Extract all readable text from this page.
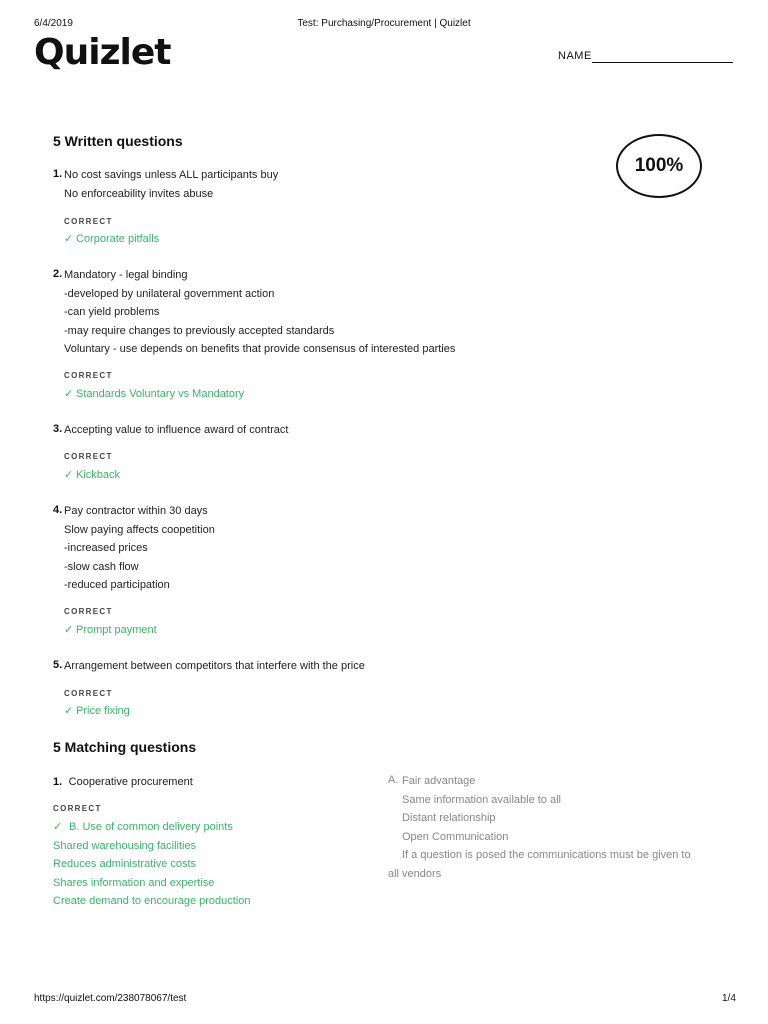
6/4/2019	Test: Purchasing/Procurement | Quizlet
Quizlet	NAME
100%
5 Written questions
1. No cost savings unless ALL participants buy
No enforceability invites abuse
CORRECT
✓ Corporate pitfalls
2. Mandatory - legal binding
-developed by unilateral government action
-can yield problems
-may require changes to previously accepted standards
Voluntary - use depends on benefits that provide consensus of interested parties
CORRECT
✓ Standards Voluntary vs Mandatory
3. Accepting value to influence award of contract
CORRECT
✓ Kickback
4. Pay contractor within 30 days
Slow paying affects coopetition
-increased prices
-slow cash flow
-reduced participation
CORRECT
✓ Prompt payment
5. Arrangement between competitors that interfere with the price
CORRECT
✓ Price fixing
5 Matching questions
1. Cooperative procurement
CORRECT
✓ B. Use of common delivery points
Shared warehousing facilities
Reduces administrative costs
Shares information and expertise
Create demand to encourage production
A. Fair advantage
Same information available to all
Distant relationship
Open Communication
If a question is posed the communications must be given to
all vendors
https://quizlet.com/238078067/test	1/4
